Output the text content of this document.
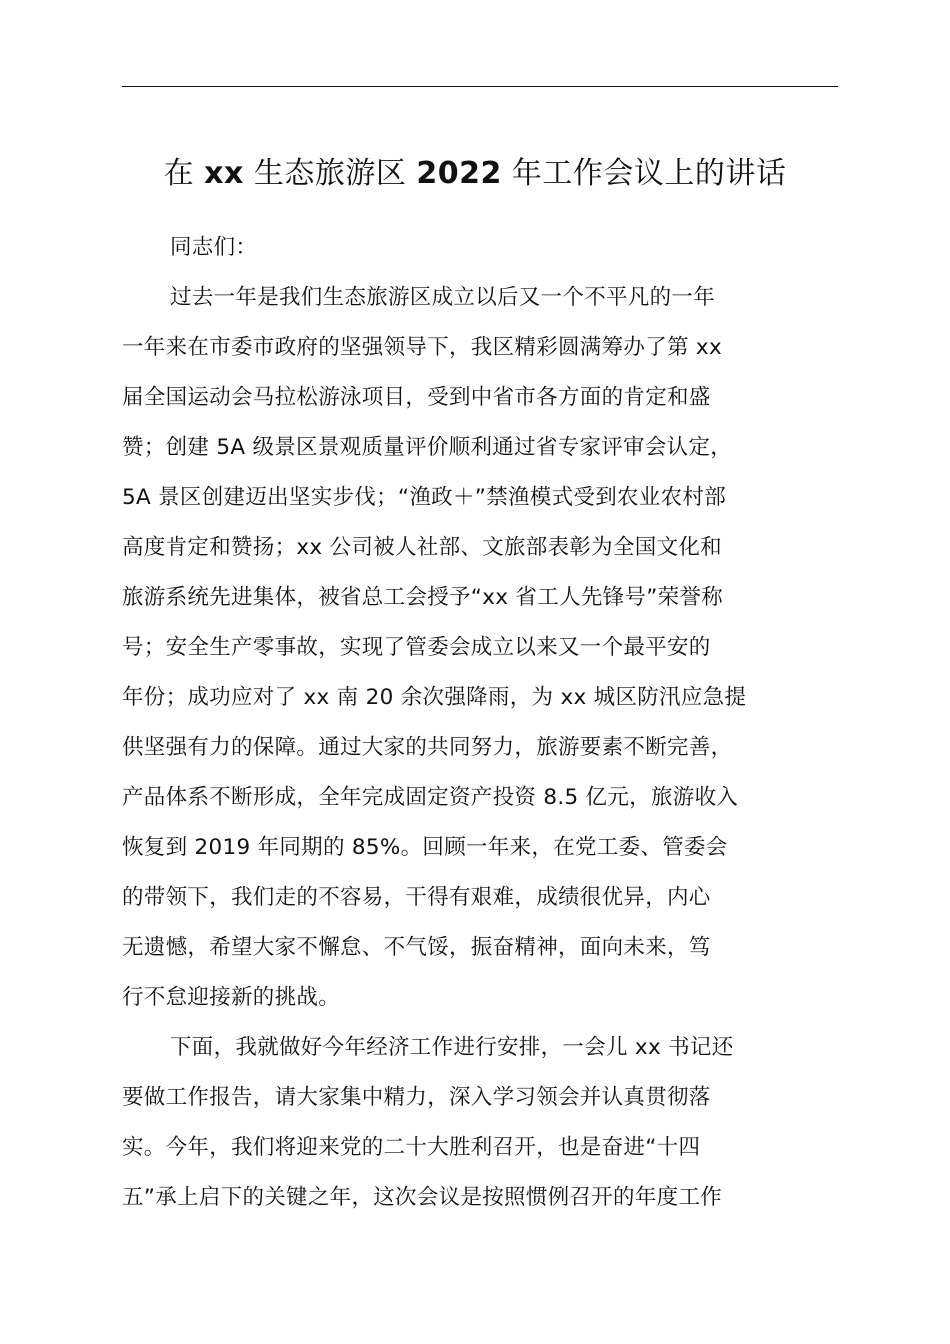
在 xx 生态旅游区 2022 年工作会议上的讲话
同志们：
过去一年是我们生态旅游区成立以后又一个不平凡的一年
一年来在市委市政府的坚强领导下，我区精彩圆满筹办了第 xx
届全国运动会马拉松游泳项目，受到中省市各方面的肯定和盛
赞；创建 5A 级景区景观质量评价顺利通过省专家评审会认定，
5A 景区创建迈出坚实步伐；“渔政＋”禁渔模式受到农业农村部
高度肯定和赞扬；xx 公司被人社部、文旅部表彰为全国文化和
旅游系统先进集体，被省总工会授予“xx 省工人先锋号”荣誉称
号；安全生产零事故，实现了管委会成立以来又一个最平安的
年份；成功应对了 xx 南 20 余次强降雨，为 xx 城区防汛应急提
供坚强有力的保障。通过大家的共同努力，旅游要素不断完善，
产品体系不断形成，全年完成固定资产投资 8.5 亿元，旅游收入
恢复到 2019 年同期的 85%。回顾一年来，在党工委、管委会
的带领下，我们走的不容易，干得有艰难，成绩很优异，内心
无遗憾，希望大家不懈怠、不气馁，振奋精神，面向未来，笃
行不怠迎接新的挑战。
下面，我就做好今年经济工作进行安排，一会儿 xx 书记还
要做工作报告，请大家集中精力，深入学习领会并认真贯彻落
实。今年，我们将迎来党的二十大胜利召开，也是奋进“十四
五”承上启下的关键之年，这次会议是按照惯例召开的年度工作
